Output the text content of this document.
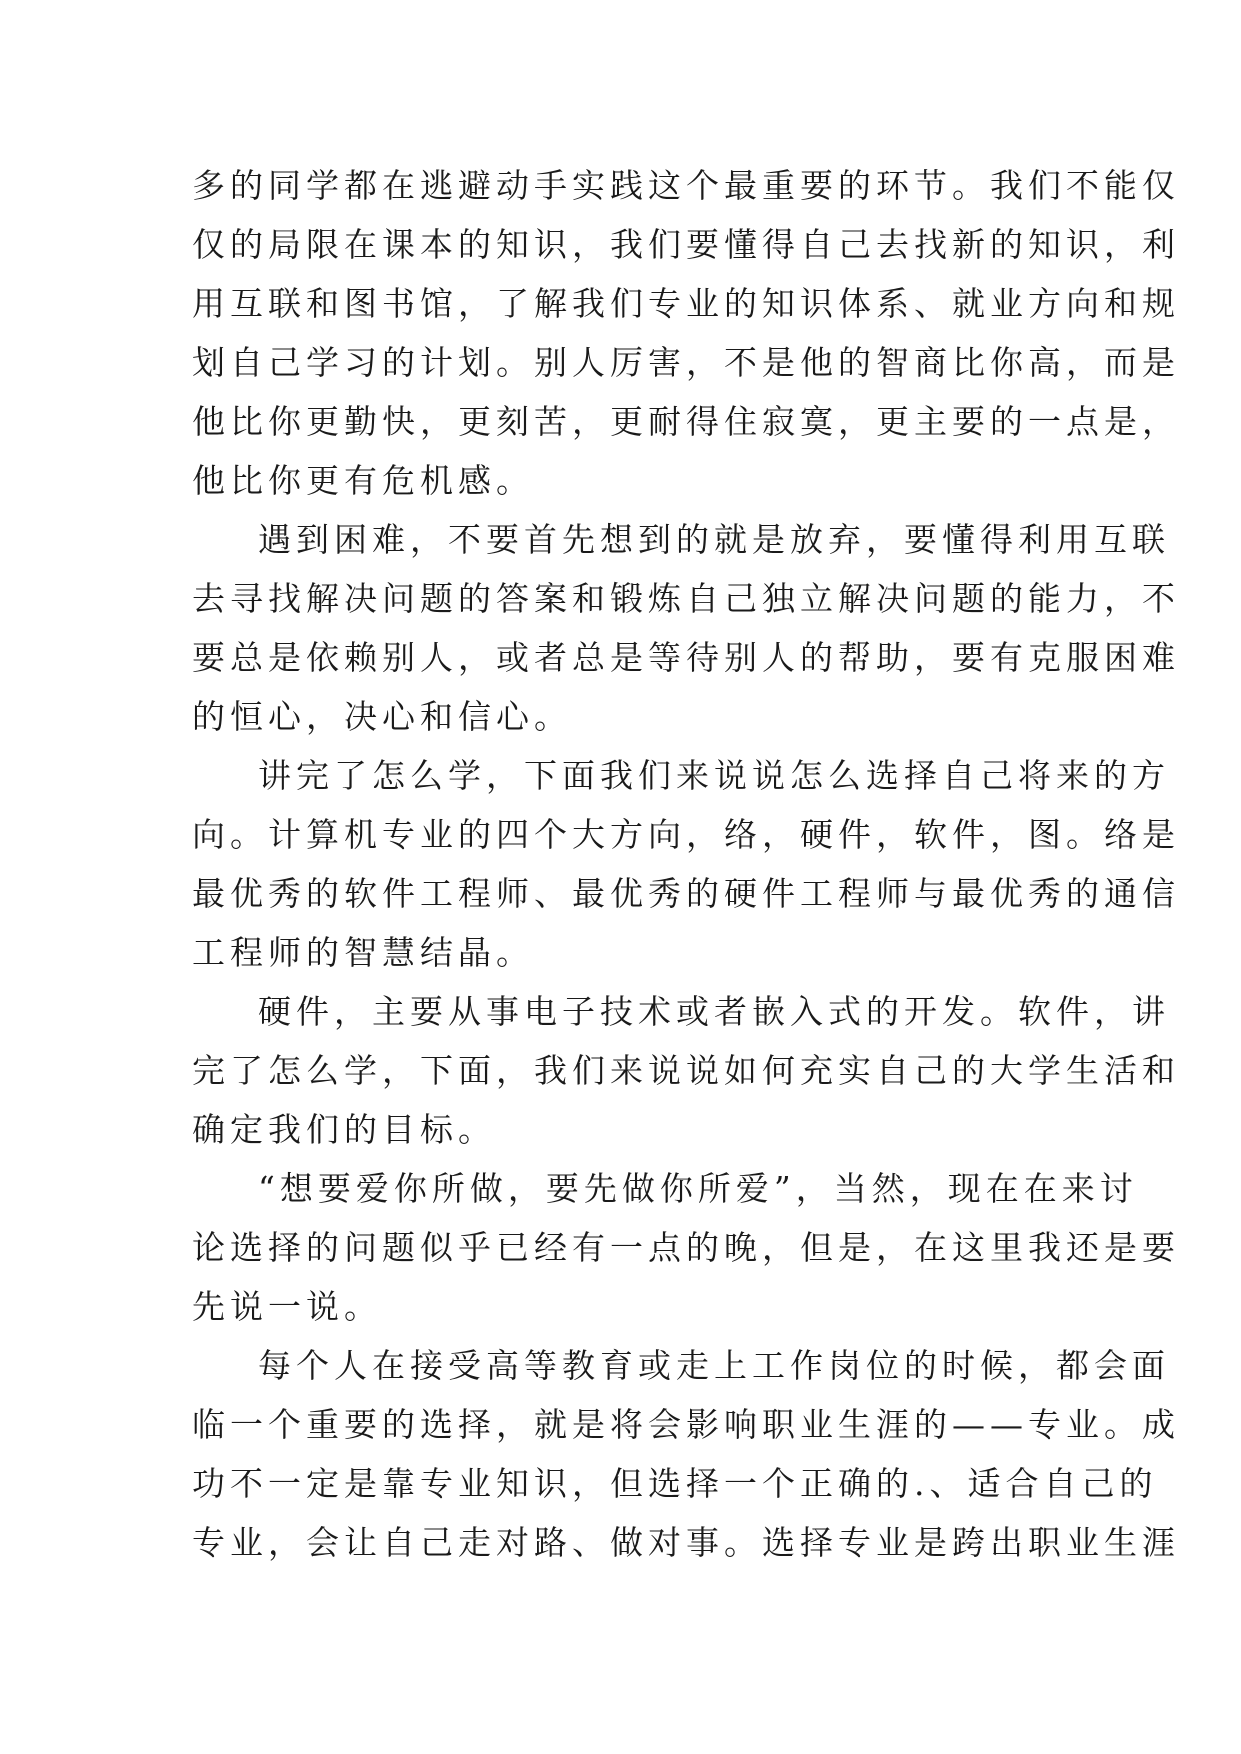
多的同学都在逃避动手实践这个最重要的环节。我们不能仅
仅的局限在课本的知识，我们要懂得自己去找新的知识，利
用互联和图书馆，了解我们专业的知识体系、就业方向和规
划自己学习的计划。别人厉害，不是他的智商比你高，而是
他比你更勤快，更刻苦，更耐得住寂寞，更主要的一点是，
他比你更有危机感。
遇到困难，不要首先想到的就是放弃，要懂得利用互联
去寻找解决问题的答案和锻炼自己独立解决问题的能力，不
要总是依赖别人，或者总是等待别人的帮助，要有克服困难
的恒心，决心和信心。
讲完了怎么学，下面我们来说说怎么选择自己将来的方
向。计算机专业的四个大方向，络，硬件，软件，图。络是
最优秀的软件工程师、最优秀的硬件工程师与最优秀的通信
工程师的智慧结晶。
硬件，主要从事电子技术或者嵌入式的开发。软件，讲
完了怎么学，下面，我们来说说如何充实自己的大学生活和
确定我们的目标。
“想要爱你所做，要先做你所爱”，当然，现在在来讨
论选择的问题似乎已经有一点的晚，但是，在这里我还是要
先说一说。
每个人在接受高等教育或走上工作岗位的时候，都会面
临一个重要的选择，就是将会影响职业生涯的——专业。成
功不一定是靠专业知识，但选择一个正确的.、适合自己的
专业，会让自己走对路、做对事。选择专业是跨出职业生涯
